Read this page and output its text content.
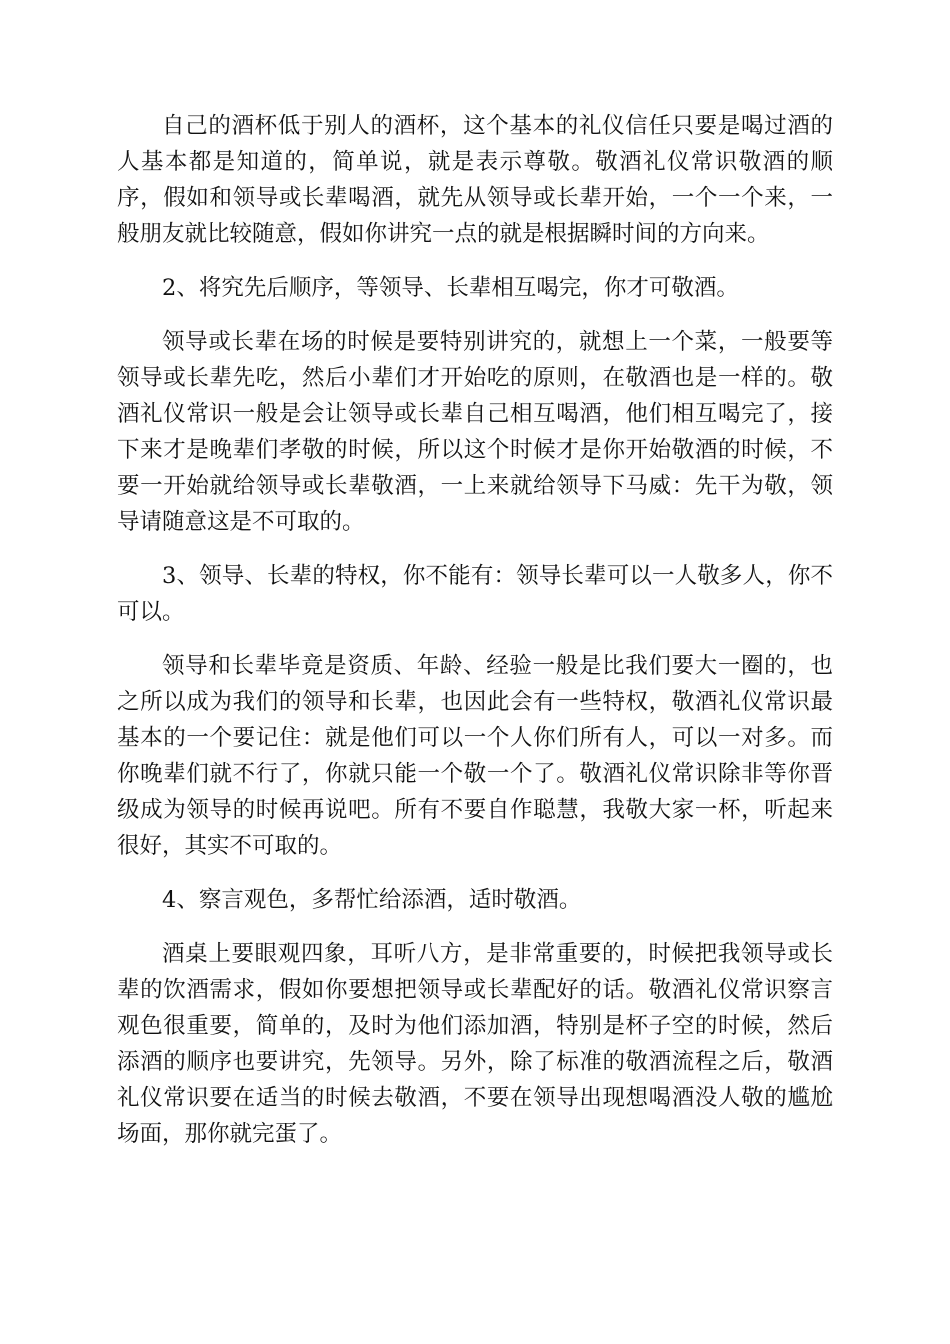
自己的酒杯低于别人的酒杯，这个基本的礼仪信任只要是喝过酒的人基本都是知道的，简单说，就是表示尊敬。敬酒礼仪常识敬酒的顺序，假如和领导或长辈喝酒，就先从领导或长辈开始，一个一个来，一般朋友就比较随意，假如你讲究一点的就是根据瞬时间的方向来。

2、将究先后顺序，等领导、长辈相互喝完，你才可敬酒。

领导或长辈在场的时候是要特别讲究的，就想上一个菜，一般要等领导或长辈先吃，然后小辈们才开始吃的原则，在敬酒也是一样的。敬酒礼仪常识一般是会让领导或长辈自己相互喝酒，他们相互喝完了，接下来才是晚辈们孝敬的时候，所以这个时候才是你开始敬酒的时候，不要一开始就给领导或长辈敬酒，一上来就给领导下马威：先干为敬，领导请随意这是不可取的。

3、领导、长辈的特权，你不能有：领导长辈可以一人敬多人，你不可以。

领导和长辈毕竟是资质、年龄、经验一般是比我们要大一圈的，也之所以成为我们的领导和长辈，也因此会有一些特权，敬酒礼仪常识最基本的一个要记住：就是他们可以一个人你们所有人，可以一对多。而你晚辈们就不行了，你就只能一个敬一个了。敬酒礼仪常识除非等你晋级成为领导的时候再说吧。所有不要自作聪慧，我敬大家一杯，听起来很好，其实不可取的。

4、察言观色，多帮忙给添酒，适时敬酒。

酒桌上要眼观四象，耳听八方，是非常重要的，时候把我领导或长辈的饮酒需求，假如你要想把领导或长辈配好的话。敬酒礼仪常识察言观色很重要，简单的，及时为他们添加酒，特别是杯子空的时候，然后添酒的顺序也要讲究，先领导。另外，除了标准的敬酒流程之后，敬酒礼仪常识要在适当的时候去敬酒，不要在领导出现想喝酒没人敬的尴尬场面，那你就完蛋了。
